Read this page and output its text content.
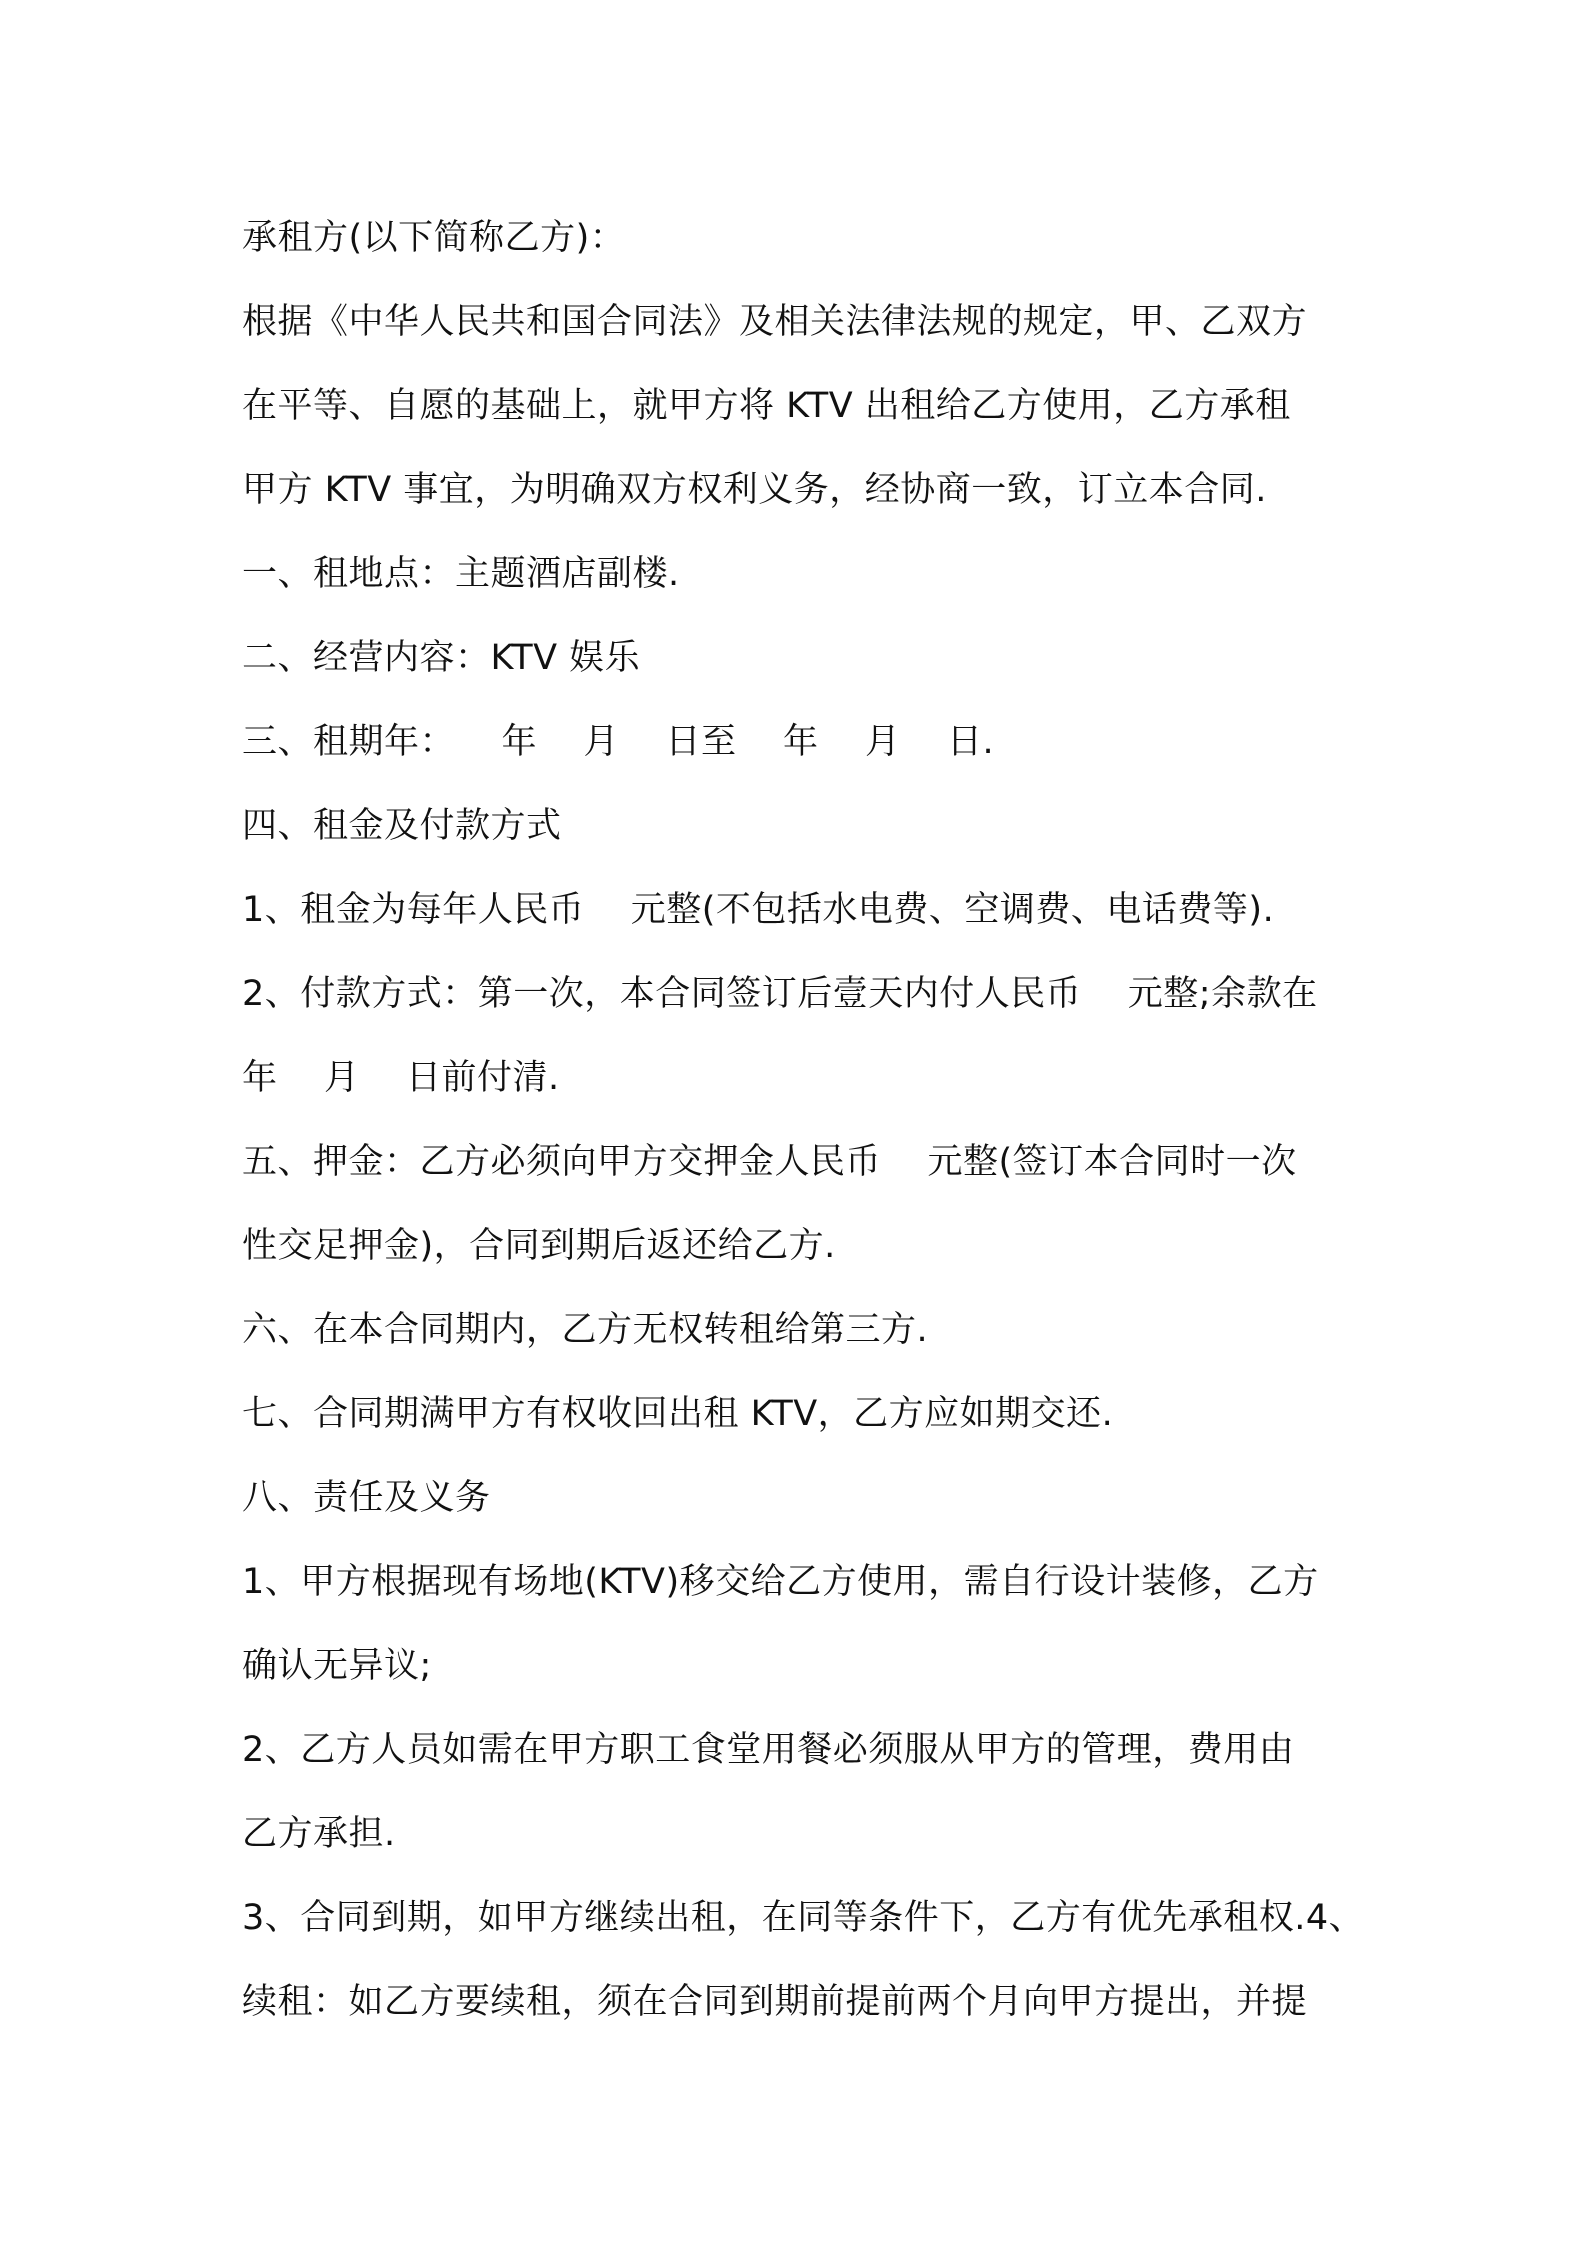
承租方(以下简称乙方)：
根据《中华人民共和国合同法》及相关法律法规的规定，甲、乙双方
在平等、自愿的基础上，就甲方将 KTV 出租给乙方使用，乙方承租
甲方 KTV 事宜，为明确双方权利义务，经协商一致，订立本合同.
一、租地点：主题酒店副楼.
二、经营内容：KTV 娱乐
三、租期年：    年    月    日至    年    月    日.
四、租金及付款方式
1、租金为每年人民币    元整(不包括水电费、空调费、电话费等).
2、付款方式：第一次，本合同签订后壹天内付人民币    元整;余款在
年    月    日前付清.
五、押金：乙方必须向甲方交押金人民币    元整(签订本合同时一次
性交足押金)，合同到期后返还给乙方.
六、在本合同期内，乙方无权转租给第三方.
七、合同期满甲方有权收回出租 KTV，乙方应如期交还.
八、责任及义务
1、甲方根据现有场地(KTV)移交给乙方使用，需自行设计装修，乙方
确认无异议;
2、乙方人员如需在甲方职工食堂用餐必须服从甲方的管理，费用由
乙方承担.
3、合同到期，如甲方继续出租，在同等条件下，乙方有优先承租权.4、
续租：如乙方要续租，须在合同到期前提前两个月向甲方提出，并提
